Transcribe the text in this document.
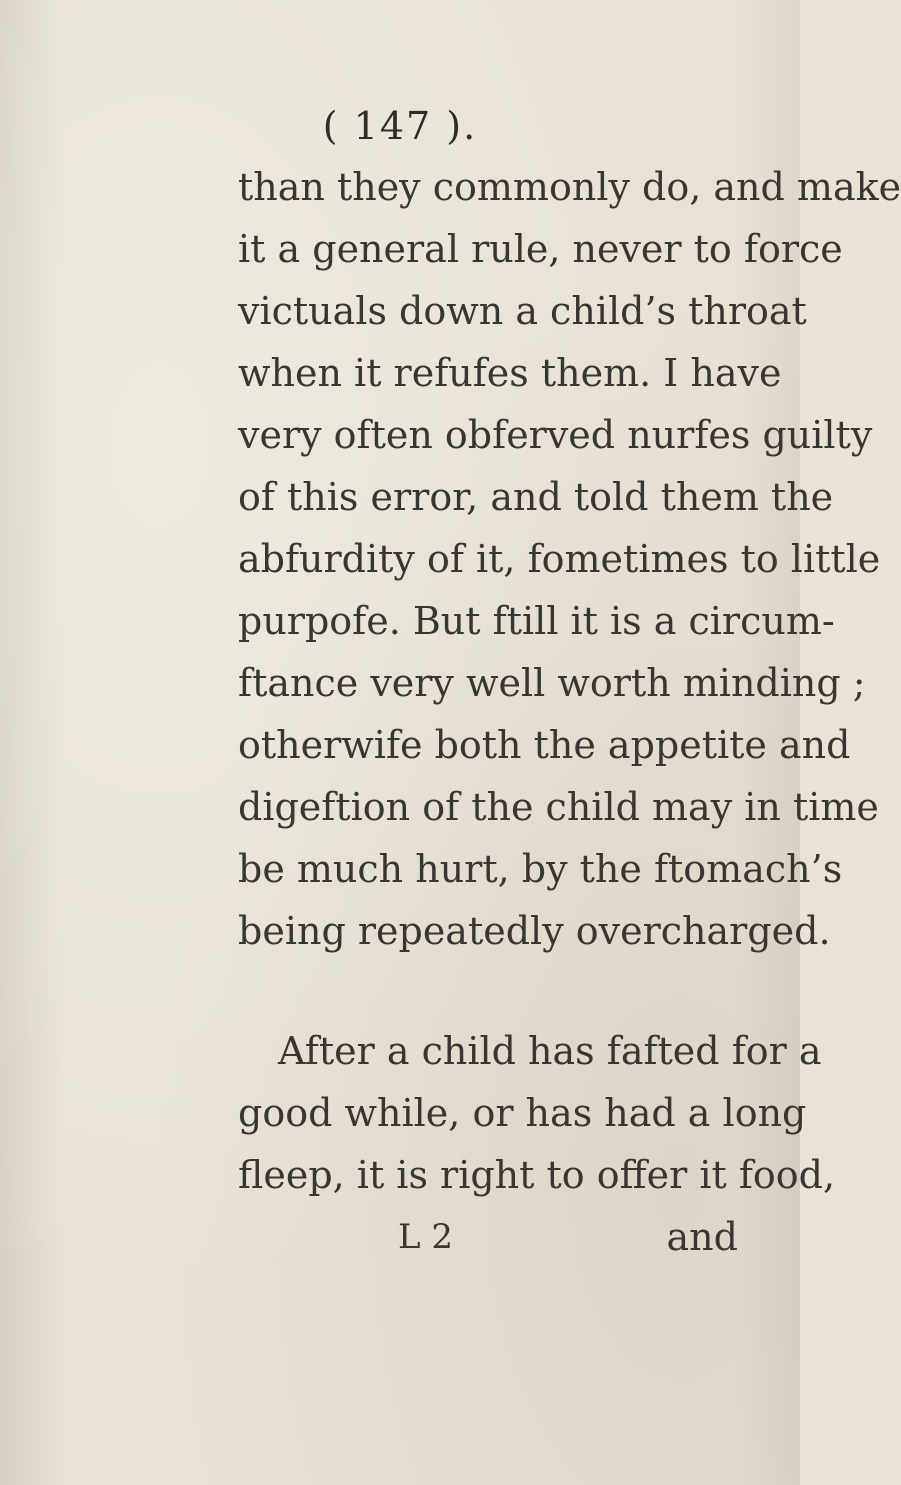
( 147 ).
than they commonly do, and make
it a general rule, never to force
victuals down a child’s throat
when it refufes them. I have
very often obferved nurfes guilty
of this error, and told them the
abfurdity of it, fometimes to little
purpofe. But ftill it is a circum-
ftance very well worth minding ;
otherwife both the appetite and
digeftion of the child may in time
be much hurt, by the ftomach’s
being repeatedly overcharged.
After a child has fafted for a
good while, or has had a long
fleep, it is right to offer it food,
L 2	and
